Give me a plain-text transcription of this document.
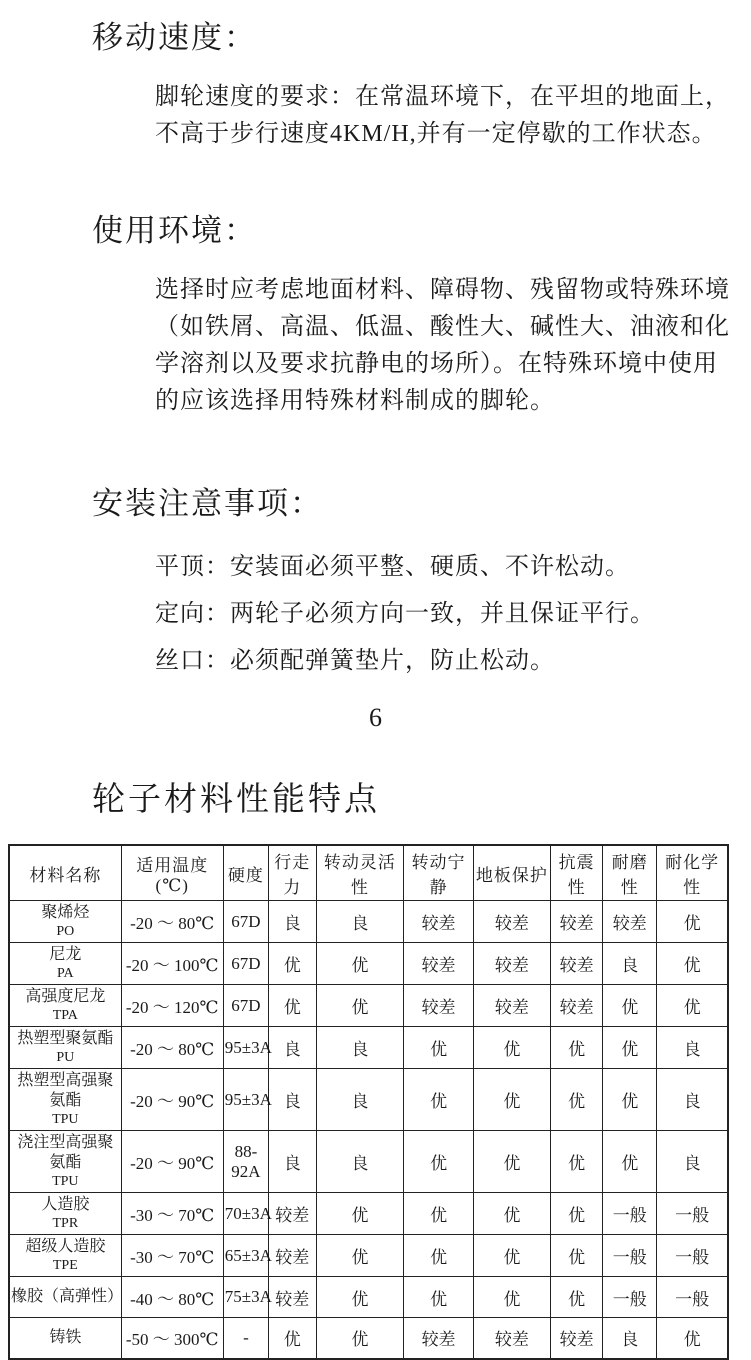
移动速度：

脚轮速度的要求：在常温环境下，在平坦的地面上，不高于步行速度4KM/H,并有一定停歇的工作状态。

使用环境：

选择时应考虑地面材料、障碍物、残留物或特殊环境（如铁屑、高温、低温、酸性大、碱性大、油液和化学溶剂以及要求抗静电的场所）。在特殊环境中使用的应该选择用特殊材料制成的脚轮。

安装注意事项：

平顶：安装面必须平整、硬质、不许松动。

定向：两轮子必须方向一致，并且保证平行。

丝口：必须配弹簧垫片，防止松动。

6
轮子材料性能特点
材料名称	适用温度(℃)	硬度	行走力	转动灵活性	转动宁静	地板保护	抗震性	耐磨性	耐化学性

聚烯烃
PO	-20 ～ 80℃	67D	良	良	较差	较差	较差	较差	优

尼龙
PA	-20 ～ 100℃	67D	优	优	较差	较差	较差	良	优

高强度尼龙
TPA	-20 ～ 120℃	67D	优	优	较差	较差	较差	优	优

热塑型聚氨酯
PU	-20 ～ 80℃	95±3A	良	良	优	优	优	优	良

热塑型高强聚氨酯
TPU	-20 ～ 90℃	95±3A	良	良	优	优	优	优	良

浇注型高强聚氨酯
TPU	-20 ～ 90℃	88-92A	良	良	优	优	优	优	良

人造胶
TPR	-30 ～ 70℃	70±3A	较差	优	优	优	优	一般	一般

超级人造胶
TPE	-30 ～ 70℃	65±3A	较差	优	优	优	优	一般	一般

橡胶（高弹性）	-40 ～ 80℃	75±3A	较差	优	优	优	优	一般	一般

铸铁	-50 ～ 300℃	-	优	优	较差	较差	较差	良	优
